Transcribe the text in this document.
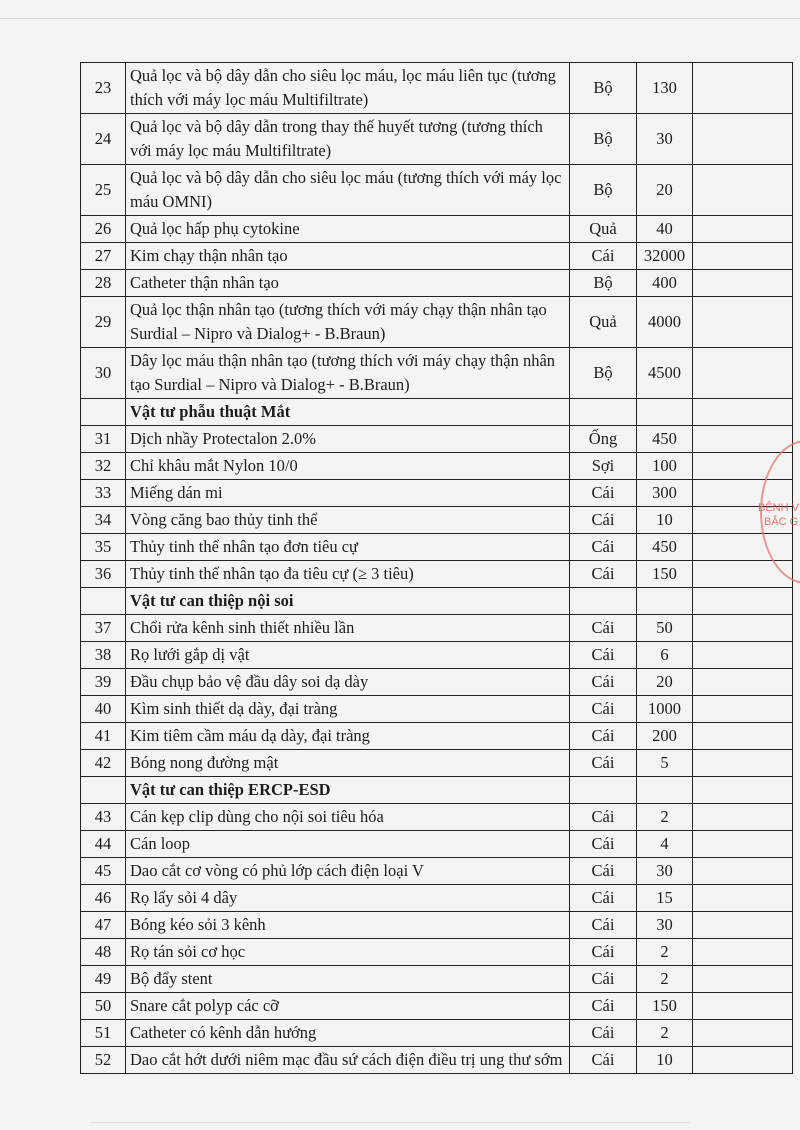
23	Quả lọc và bộ dây dẫn cho siêu lọc máu, lọc máu liên tục (tương thích với máy lọc máu Multifiltrate)	Bộ	130	
24	Quả lọc và bộ dây dẫn trong thay thế huyết tương (tương thích với máy lọc máu Multifiltrate)	Bộ	30	
25	Quả lọc và bộ dây dẫn cho siêu lọc máu (tương thích với máy lọc máu OMNI)	Bộ	20	
26	Quả lọc hấp phụ cytokine	Quả	40	
27	Kim chạy thận nhân tạo	Cái	32000	
28	Catheter thận nhân tạo	Bộ	400	
29	Quả lọc thận nhân tạo (tương thích với máy chạy thận nhân tạo Surdial – Nipro và Dialog+ - B.Braun)	Quả	4000	
30	Dây lọc máu thận nhân tạo (tương thích với máy chạy thận nhân tạo Surdial – Nipro và Dialog+ - B.Braun)	Bộ	4500	
	Vật tư phẫu thuật Mắt			
31	Dịch nhầy Protectalon 2.0%	Ống	450	
32	Chỉ khâu mắt Nylon 10/0	Sợi	100	
33	Miếng dán mi	Cái	300	
34	Vòng căng bao thủy tinh thể	Cái	10	
35	Thủy tinh thể nhân tạo đơn tiêu cự	Cái	450	
36	Thủy tinh thể nhân tạo đa tiêu cự (≥ 3 tiêu)	Cái	150	
	Vật tư can thiệp nội soi			
37	Chổi rửa kênh sinh thiết nhiều lần	Cái	50	
38	Rọ lưới gắp dị vật	Cái	6	
39	Đầu chụp bảo vệ đầu dây soi dạ dày	Cái	20	
40	Kìm sinh thiết dạ dày, đại tràng	Cái	1000	
41	Kim tiêm cầm máu dạ dày, đại tràng	Cái	200	
42	Bóng nong đường mật	Cái	5	
	Vật tư can thiệp ERCP-ESD			
43	Cán kẹp clip dùng cho nội soi tiêu hóa	Cái	2	
44	Cán loop	Cái	4	
45	Dao cắt cơ vòng có phủ lớp cách điện loại V	Cái	30	
46	Rọ lấy sỏi 4 dây	Cái	15	
47	Bóng kéo sỏi 3 kênh	Cái	30	
48	Rọ tán sỏi cơ học	Cái	2	
49	Bộ đẩy stent	Cái	2	
50	Snare cắt polyp các cỡ	Cái	150	
51	Catheter có kênh dẫn hướng	Cái	2	
52	Dao cắt hớt dưới niêm mạc đầu sứ cách điện điều trị ung thư sớm	Cái	10	
BỆNH V
BẮC G
